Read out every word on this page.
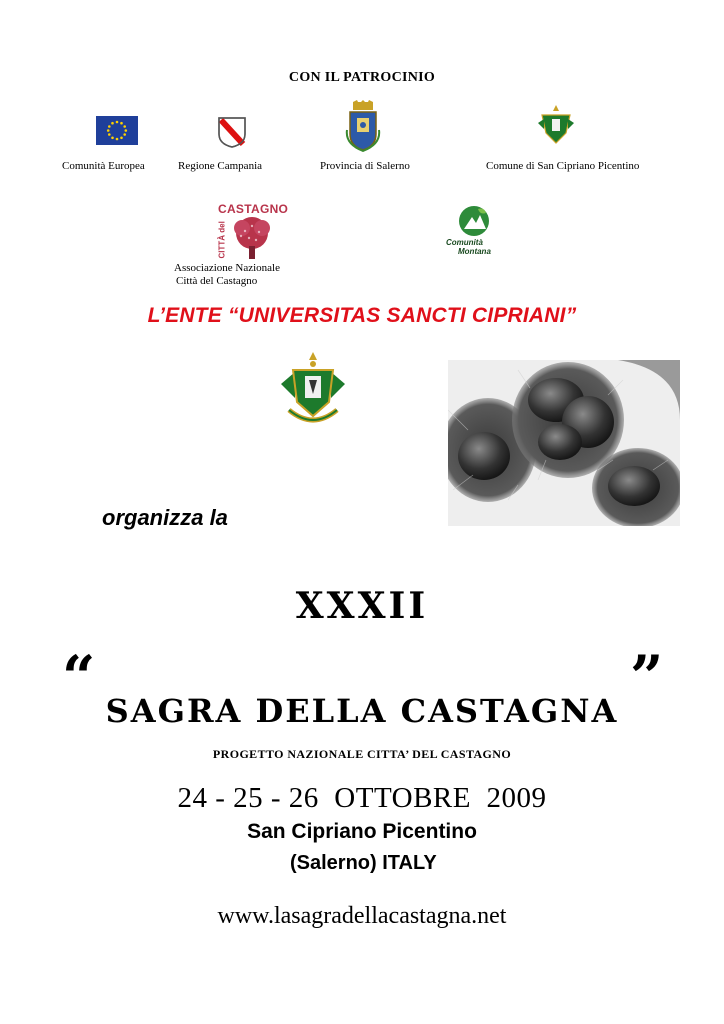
CON IL PATROCINIO
Comunità Europea	Regione Campania	Provincia di Salerno	Comune di San Cipriano Picentino
CASTAGNO
CITTÀ del
Associazione Nazionale
Città del Castagno
Comunità
Montana
L’ENTE “UNIVERSITAS SANCTI CIPRIANI”
organizza la
XXXII
“ SAGRA DELLA CASTAGNA ”
PROGETTO NAZIONALE CITTA’ DEL CASTAGNO
24 - 25 - 26  OTTOBRE  2009
San Cipriano Picentino
(Salerno) ITALY
www.lasagradellacastagna.net
